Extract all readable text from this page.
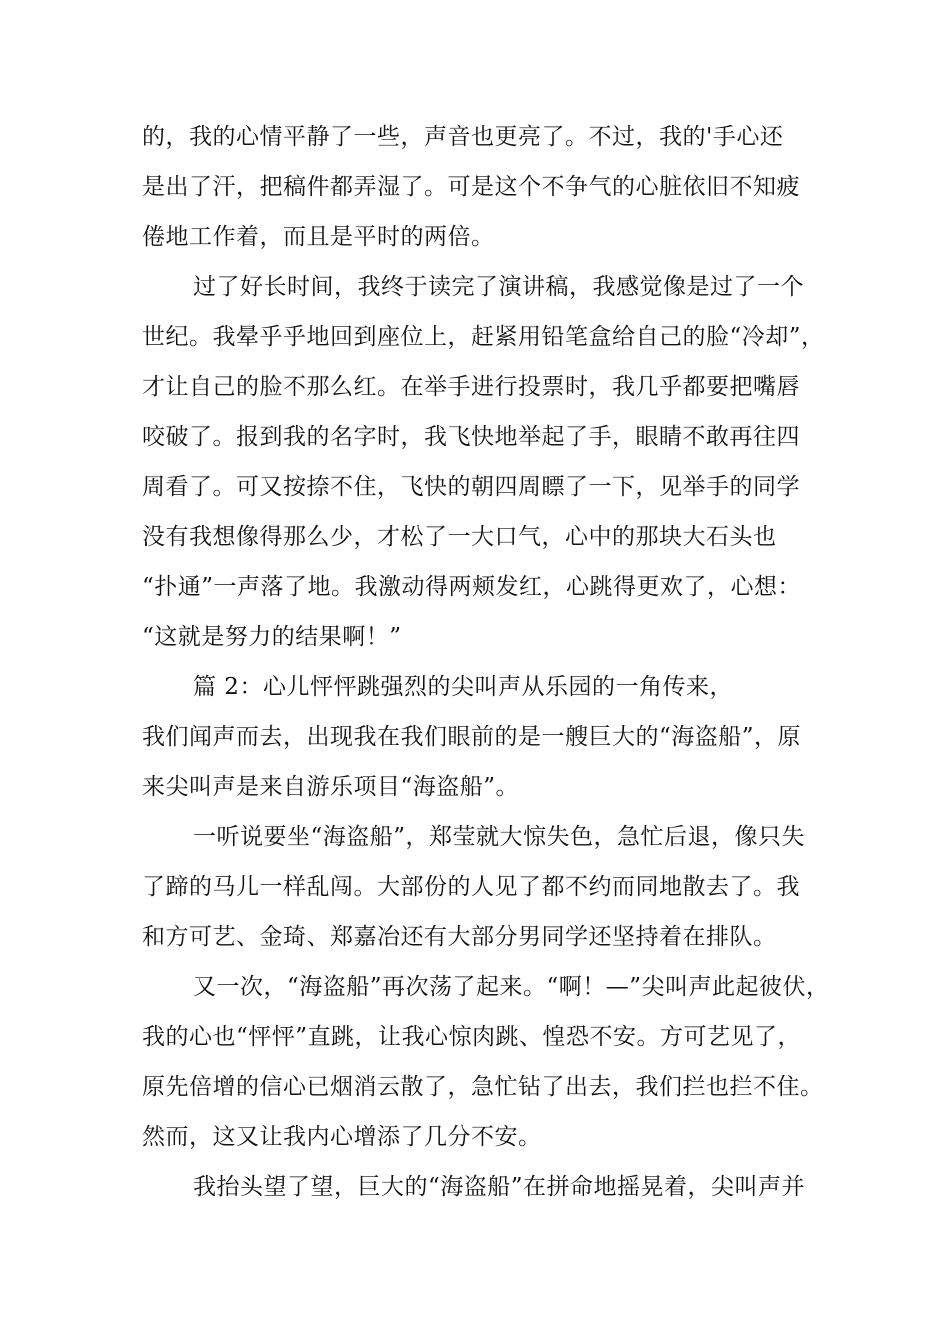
的，我的心情平静了一些，声音也更亮了。不过，我的'手心还
是出了汗，把稿件都弄湿了。可是这个不争气的心脏依旧不知疲
倦地工作着，而且是平时的两倍。
过了好长时间，我终于读完了演讲稿，我感觉像是过了一个
世纪。我晕乎乎地回到座位上，赶紧用铅笔盒给自己的脸“冷却”，
才让自己的脸不那么红。在举手进行投票时，我几乎都要把嘴唇
咬破了。报到我的名字时，我飞快地举起了手，眼睛不敢再往四
周看了。可又按捺不住，飞快的朝四周瞟了一下，见举手的同学
没有我想像得那么少，才松了一大口气，心中的那块大石头也
“扑通”一声落了地。我激动得两颊发红，心跳得更欢了，心想：
“这就是努力的结果啊！”
篇 2：心儿怦怦跳强烈的尖叫声从乐园的一角传来，
我们闻声而去，出现我在我们眼前的是一艘巨大的“海盗船”，原
来尖叫声是来自游乐项目“海盗船”。
一听说要坐“海盗船”，郑莹就大惊失色，急忙后退，像只失
了蹄的马儿一样乱闯。大部份的人见了都不约而同地散去了。我
和方可艺、金琦、郑嘉冶还有大部分男同学还坚持着在排队。
又一次，“海盗船”再次荡了起来。“啊！—”尖叫声此起彼伏，
我的心也“怦怦”直跳，让我心惊肉跳、惶恐不安。方可艺见了，
原先倍增的信心已烟消云散了，急忙钻了出去，我们拦也拦不住。
然而，这又让我内心增添了几分不安。
我抬头望了望，巨大的“海盗船”在拼命地摇晃着，尖叫声并
